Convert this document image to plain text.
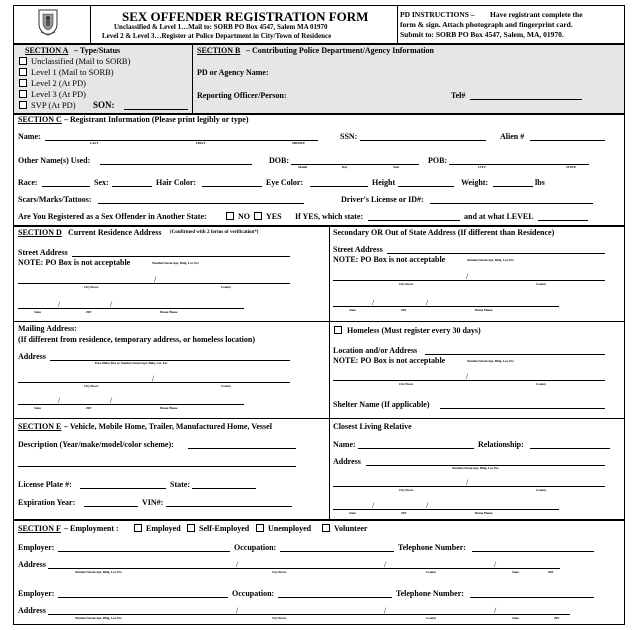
SEX OFFENDER REGISTRATION FORM
Unclassified & Level 1…Mail to: SORB PO Box 4547, Salem MA 01970
Level 2 & Level 3…Register at Police Department in City/Town of Residence
PD INSTRUCTIONS – Have registrant complete the
form & sign. Attach photograph and fingerprint card.
Submit to: SORB PO Box 4547, Salem, MA, 01970.
SECTION A – Type/Status
Unclassified (Mail to SORB)
Level 1 (Mail to SORB)
Level 2 (At PD)
Level 3 (At PD)
SVP (At PD) SON:
SECTION B – Contributing Police Department/Agency Information
PD or Agency Name:
Reporting Officer/Person:	Tel#
SECTION C – Registrant Information (Please print legibly or type)
Name:
LAST	FIRST	MIDDLE
SSN:	Alien #
Other Name(s) Used:	DOB:
Month	Day	Year
POB:
CITY	STATE
Race:	Sex:	Hair Color:	Eye Color:	Height	Weight:	lbs
Scars/Marks/Tattoos:	Driver's License or ID#:
Are You Registered as a Sex Offender in Another State:	NO YES If YES, which state:	and at what LEVEL
SECTION D Current Residence Address (Confirmed with 2 forms of verification*)
Street Address
NOTE: PO Box is not acceptable	Number/Street/Apt, Bldg, Lot, Etc
/
City/Town	County
/	/
State	ZIP	Home Phone
Secondary OR Out of State Address (If different than Residence)
Street Address
NOTE: PO Box is not acceptable	Number/Street/Apt, Bldg, Lot, Etc
/
City/Town	County
/	/
State	ZIP	Home Phone
Mailing Address:
(If different from residence, temporary address, or homeless location)
Address
Post Office Box or Number/Street/Apt, Bldg, Lot, Etc
/
City/Town	County
/	/
State	ZIP	Home Phone
Homeless (Must register every 30 days)
Location and/or Address
NOTE: PO Box is not acceptable	Number/Street/Apt, Bldg, Lot, Etc
/
City/Town	County
Shelter Name (If applicable)
SECTION E – Vehicle, Mobile Home, Trailer, Manufactured Home, Vessel
Description (Year/make/model/color scheme):
License Plate #:	State:
Expiration Year:	VIN#:
Closest Living Relative
Name:	Relationship:
Address
Number/Street/Apt, Bldg, Lot, Etc
/
City/Town	County
/	/
State	ZIP	Home Phone
SECTION F – Employment :	Employed Self-Employed Unemployed	Volunteer
Employer:	Occupation:	Telephone Number:
Address	/	/	/
Number/Street/Apt, Bldg, Lot, Etc	City/Town	County	State	ZIP
Employer:	Occupation:	Telephone Number:
Address	/	/	/
Number/Street/Apt, Bldg, Lot, Etc	City/Town	County	State	ZIP
